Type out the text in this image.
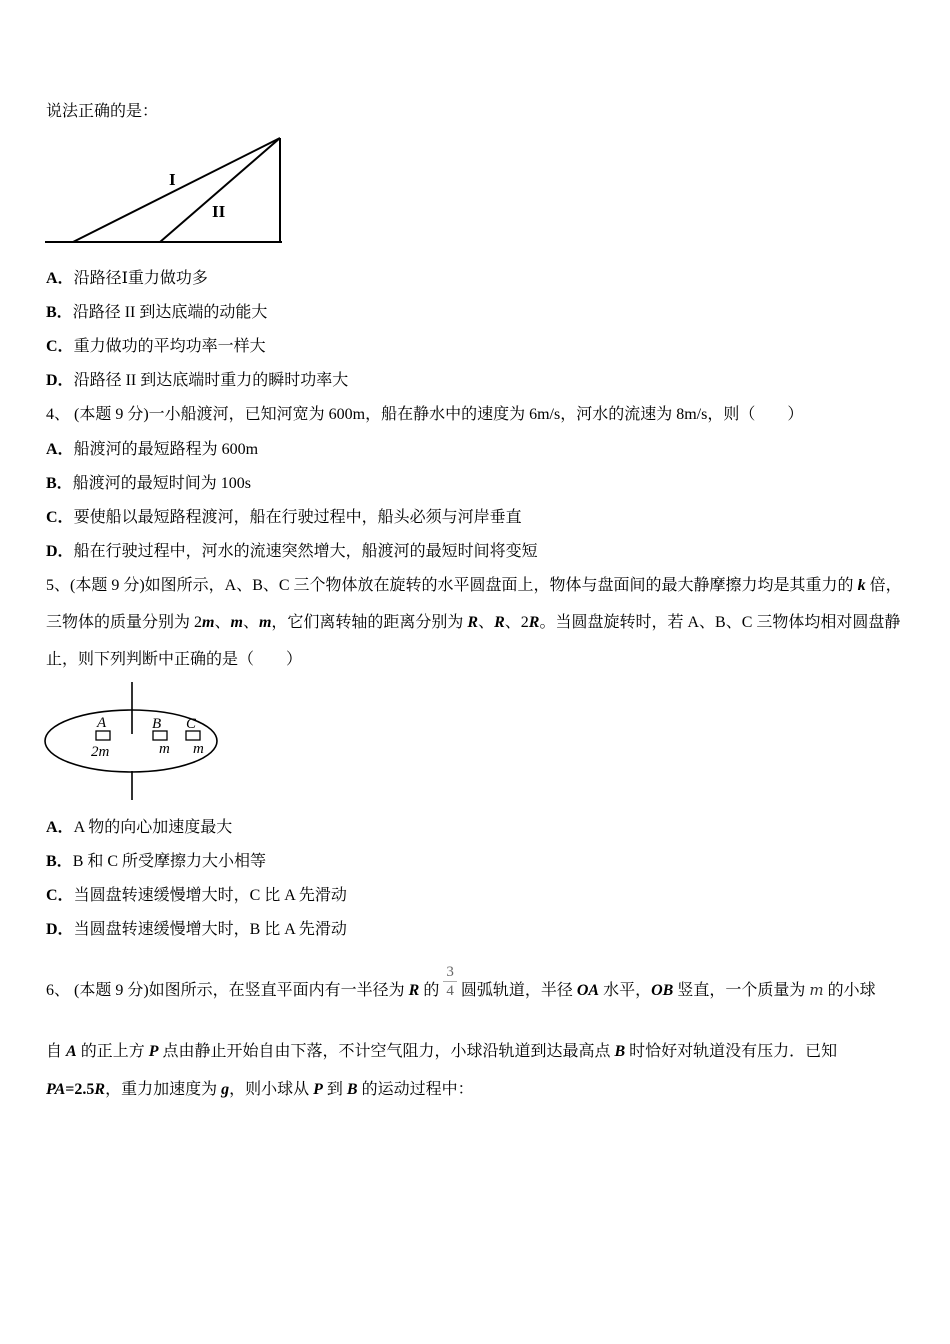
说法正确的是：
I
II
A．沿路径Ⅰ重力做功多
B．沿路径 II 到达底端的动能大
C．重力做功的平均功率一样大
D．沿路径 II 到达底端时重力的瞬时功率大
4、 (本题 9 分)一小船渡河，已知河宽为 600m，船在静水中的速度为 6m/s，河水的流速为 8m/s，则（　　）
A．船渡河的最短路程为 600m
B．船渡河的最短时间为 100s
C．要使船以最短路程渡河，船在行驶过程中，船头必须与河岸垂直
D．船在行驶过程中，河水的流速突然增大，船渡河的最短时间将变短
5、(本题 9 分)如图所示，A、B、C 三个物体放在旋转的水平圆盘面上，物体与盘面间的最大静摩擦力均是其重力的 k 倍，
三物体的质量分别为 2m、m、m，它们离转轴的距离分别为 R、R、2R。当圆盘旋转时，若 A、B、C 三物体均相对圆盘静
止，则下列判断中正确的是（　　）
A	B C
2m	m m
A．A 物的向心加速度最大
B．B 和 C 所受摩擦力大小相等
C．当圆盘转速缓慢增大时，C 比 A 先滑动
D．当圆盘转速缓慢增大时，B 比 A 先滑动
6、 (本题 9 分)如图所示，在竖直平面内有一半径为 R 的 $\frac{3}{4}$ 圆弧轨道，半径 OA 水平，OB 竖直，一个质量为 m 的小球
自 A 的正上方 P 点由静止开始自由下落，不计空气阻力，小球沿轨道到达最高点 B 时恰好对轨道没有压力．已知
PA=2.5R，重力加速度为 g，则小球从 P 到 B 的运动过程中：
